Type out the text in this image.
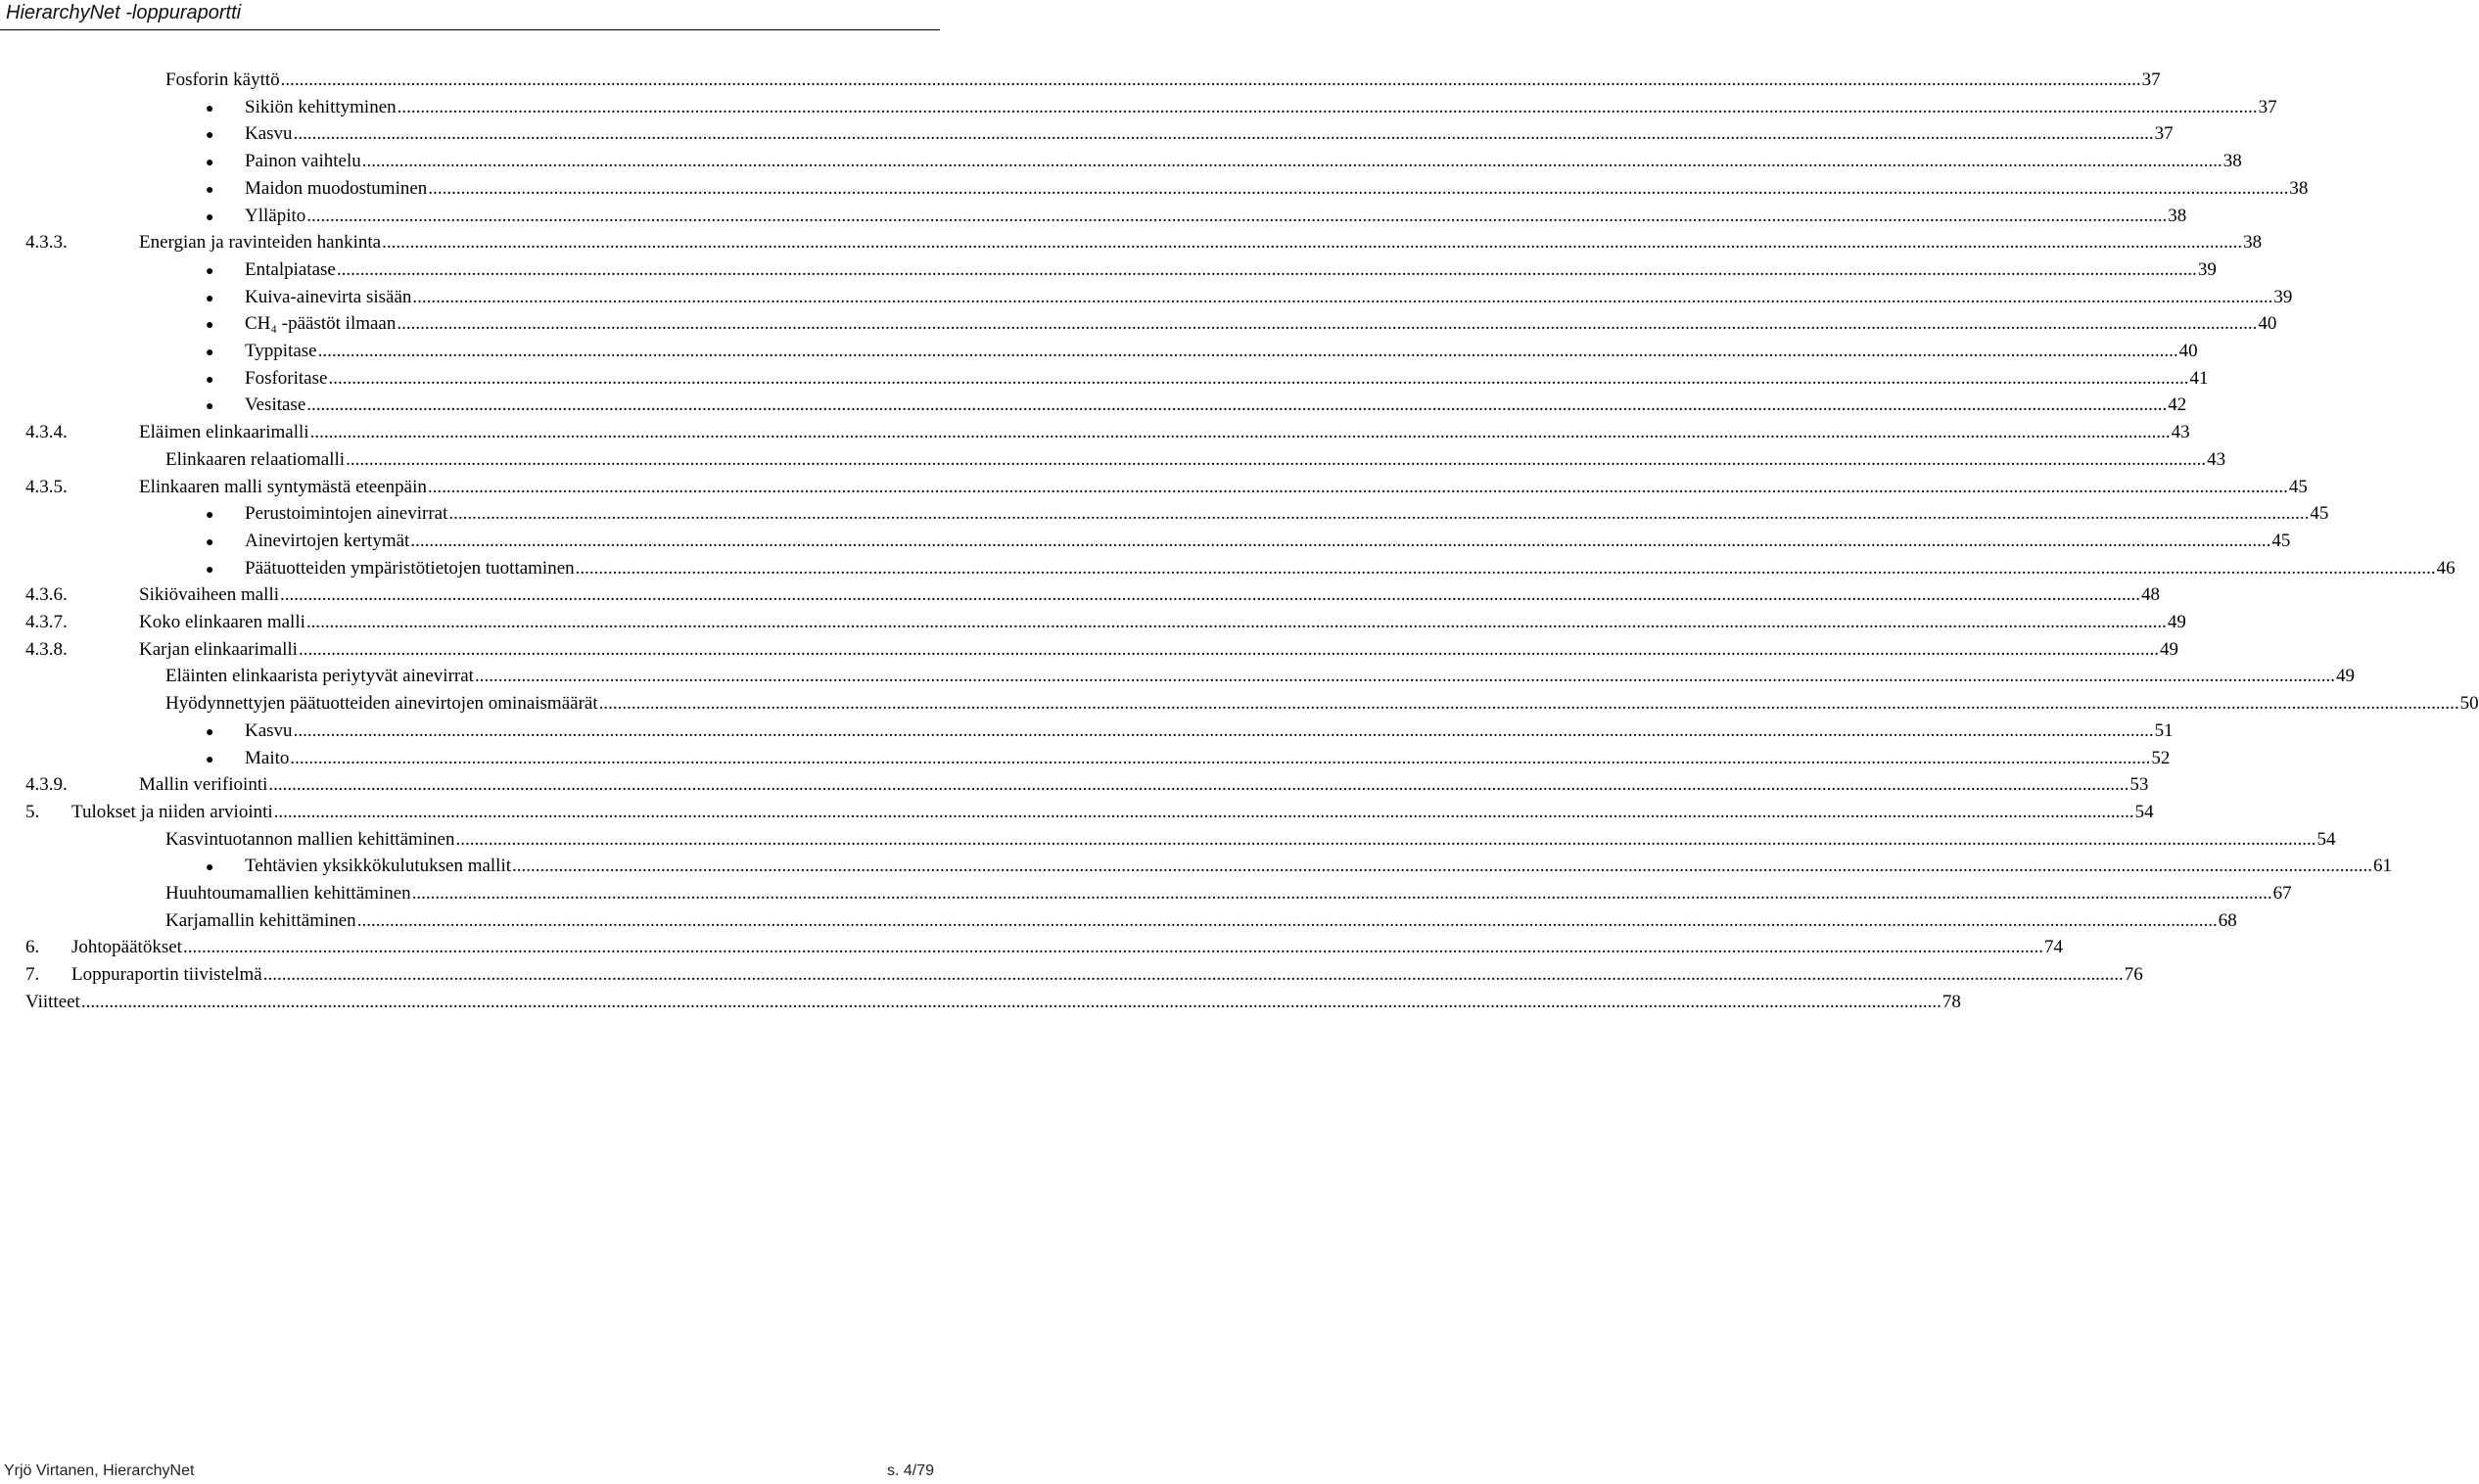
HierarchyNet -loppuraportti
Fosforin käyttö ................................................................................................................................................................................................................................................................................................................................................................................................................ 37
●	Sikiön kehittyminen ................................................................................................................................................................................................................................................................................................................................................................................................................ 37
●	Kasvu ................................................................................................................................................................................................................................................................................................................................................................................................................ 37
●	Painon vaihtelu ................................................................................................................................................................................................................................................................................................................................................................................................................ 38
●	Maidon muodostuminen ................................................................................................................................................................................................................................................................................................................................................................................................................ 38
●	Ylläpito ................................................................................................................................................................................................................................................................................................................................................................................................................ 38
4.3.3.	Energian ja ravinteiden hankinta ................................................................................................................................................................................................................................................................................................................................................................................................................ 38
●	Entalpiatase ................................................................................................................................................................................................................................................................................................................................................................................................................ 39
●	Kuiva-ainevirta sisään ................................................................................................................................................................................................................................................................................................................................................................................................................ 39
●	CH₄ -päästöt ilmaan ................................................................................................................................................................................................................................................................................................................................................................................................................ 40
●	Typpitase ................................................................................................................................................................................................................................................................................................................................................................................................................ 40
●	Fosforitase ................................................................................................................................................................................................................................................................................................................................................................................................................ 41
●	Vesitase ................................................................................................................................................................................................................................................................................................................................................................................................................ 42
4.3.4.	Eläimen elinkaarimalli ................................................................................................................................................................................................................................................................................................................................................................................................................ 43
Elinkaaren relaatiomalli ................................................................................................................................................................................................................................................................................................................................................................................................................ 43
4.3.5.	Elinkaaren malli syntymästä eteenpäin ................................................................................................................................................................................................................................................................................................................................................................................................................ 45
●	Perustoimintojen ainevirrat ................................................................................................................................................................................................................................................................................................................................................................................................................ 45
●	Ainevirtojen kertymät ................................................................................................................................................................................................................................................................................................................................................................................................................ 45
●	Päätuotteiden ympäristötietojen tuottaminen ................................................................................................................................................................................................................................................................................................................................................................................................................ 46
4.3.6.	Sikiövaiheen malli ................................................................................................................................................................................................................................................................................................................................................................................................................ 48
4.3.7.	Koko elinkaaren malli ................................................................................................................................................................................................................................................................................................................................................................................................................ 49
4.3.8.	Karjan elinkaarimalli ................................................................................................................................................................................................................................................................................................................................................................................................................ 49
Eläinten elinkaarista periytyvät ainevirrat ................................................................................................................................................................................................................................................................................................................................................................................................................ 49
Hyödynnettyjen päätuotteiden ainevirtojen ominaismäärät ................................................................................................................................................................................................................................................................................................................................................................................................................ 50
●	Kasvu ................................................................................................................................................................................................................................................................................................................................................................................................................ 51
●	Maito ................................................................................................................................................................................................................................................................................................................................................................................................................ 52
4.3.9.	Mallin verifiointi ................................................................................................................................................................................................................................................................................................................................................................................................................ 53
5.	Tulokset ja niiden arviointi ................................................................................................................................................................................................................................................................................................................................................................................................................ 54
Kasvintuotannon mallien kehittäminen ................................................................................................................................................................................................................................................................................................................................................................................................................ 54
●	Tehtävien yksikkökulutuksen mallit ................................................................................................................................................................................................................................................................................................................................................................................................................ 61
Huuhtoumamallien kehittäminen ................................................................................................................................................................................................................................................................................................................................................................................................................ 67
Karjamallin kehittäminen ................................................................................................................................................................................................................................................................................................................................................................................................................ 68
6.	Johtopäätökset ................................................................................................................................................................................................................................................................................................................................................................................................................ 74
7.	Loppuraportin tiivistelmä ................................................................................................................................................................................................................................................................................................................................................................................................................ 76
Viitteet ................................................................................................................................................................................................................................................................................................................................................................................................................ 78
Yrjö Virtanen, HierarchyNet	s. 4/79
